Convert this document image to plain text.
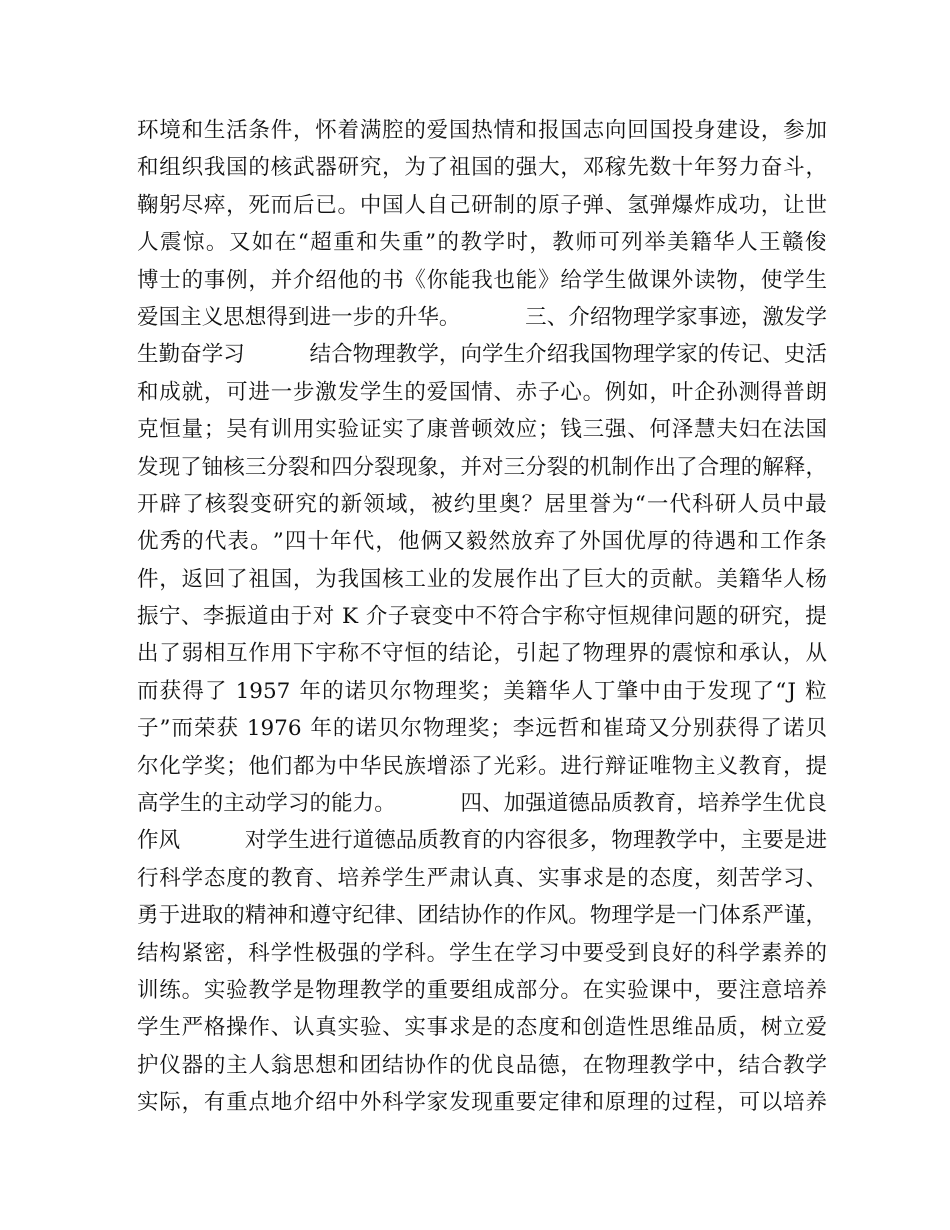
环 境 和 生 活 条 件 ， 怀 着 满 腔 的 爱 国 热 情 和 报 国 志 向 回 国 投 身 建 设 ， 参 加
和 组 织 我 国 的 核 武 器 研 究 ， 为 了 祖 国 的 强 大 ， 邓 稼 先 数 十 年 努 力 奋 斗 ，
鞠 躬 尽 瘁 ， 死 而 后 已 。 中 国 人 自 己 研 制 的 原 子 弹 、 氢 弹 爆 炸 成 功 ， 让 世
人 震 惊 。 又 如 在 “ 超 重 和 失 重 ” 的 教 学 时 ， 教 师 可 列 举 美 籍 华 人 王 赣 俊
博 士 的 事 例 ， 并 介 绍 他 的 书 《 你 能 我 也 能 》 给 学 生 做 课 外 读 物 ， 使 学 生
爱 国 主 义 思 想 得 到 进 一 步 的 升 华 。

　	三 、 介 绍 物 理 学 家 事 迹 ， 激 发 学
生 勤 奋 学 习

　	结 合 物 理 教 学 ， 向 学 生 介 绍 我 国 物 理 学 家 的 传 记 、 史 活
和 成 就 ， 可 进 一 步 激 发 学 生 的 爱 国 情 、 赤 子 心 。 例 如 ， 叶 企 孙 测 得 普 朗
克 恒 量 ； 吴 有 训 用 实 验 证 实 了 康 普 顿 效 应 ； 钱 三 强 、 何 泽 慧 夫 妇 在 法 国
发 现 了 铀 核 三 分 裂 和 四 分 裂 现 象 ， 并 对 三 分 裂 的 机 制 作 出 了 合 理 的 解 释 ，
开 辟 了 核 裂 变 研 究 的 新 领 域 ， 被 约 里 奥 ？ 居 里 誉 为 “ 一 代 科 研 人 员 中 最
优 秀 的 代 表 。 ” 四 十 年 代 ， 他 俩 又 毅 然 放 弃 了 外 国 优 厚 的 待 遇 和 工 作 条
件 ， 返 回 了 祖 国 ， 为 我 国 核 工 业 的 发 展 作 出 了 巨 大 的 贡 献 。 美 籍 华 人 杨
振 宁 、 李 振 道 由 于 对
K
介 子 衰 变 中 不 符 合 宇 称 守 恒 规 律 问 题 的 研 究 ， 提
出 了 弱 相 互 作 用 下 宇 称 不 守 恒 的 结 论 ， 引 起 了 物 理 界 的 震 惊 和 承 认 ， 从
而 获 得 了
1957
年 的 诺 贝 尔 物 理 奖 ； 美 籍 华 人 丁 肇 中 由 于 发 现 了 “ J
粒
子 ” 而 荣 获
1976
年 的 诺 贝 尔 物 理 奖 ； 李 远 哲 和 崔 琦 又 分 别 获 得 了 诺 贝
尔 化 学 奖 ； 他 们 都 为 中 华 民 族 增 添 了 光 彩 。 进 行 辩 证 唯 物 主 义 教 育 ， 提
高 学 生 的 主 动 学 习 的 能 力 。

　	四 、 加 强 道 德 品 质 教 育 ， 培 养 学 生 优 良
作 风

　	对 学 生 进 行 道 德 品 质 教 育 的 内 容 很 多 ， 物 理 教 学 中 ， 主 要 是 进
行 科 学 态 度 的 教 育 、 培 养 学 生 严 肃 认 真 、 实 事 求 是 的 态 度 ， 刻 苦 学 习 、
勇 于 进 取 的 精 神 和 遵 守 纪 律 、 团 结 协 作 的 作 风 。 物 理 学 是 一 门 体 系 严 谨 ，
结 构 紧 密 ， 科 学 性 极 强 的 学 科 。 学 生 在 学 习 中 要 受 到 良 好 的 科 学 素 养 的
训 练 。 实 验 教 学 是 物 理 教 学 的 重 要 组 成 部 分 。 在 实 验 课 中 ， 要 注 意 培 养
学 生 严 格 操 作 、 认 真 实 验 、 实 事 求 是 的 态 度 和 创 造 性 思 维 品 质 ， 树 立 爱
护 仪 器 的 主 人 翁 思 想 和 团 结 协 作 的 优 良 品 德 ， 在 物 理 教 学 中 ， 结 合 教 学
实 际 ， 有 重 点 地 介 绍 中 外 科 学 家 发 现 重 要 定 律 和 原 理 的 过 程 ， 可 以 培 养
